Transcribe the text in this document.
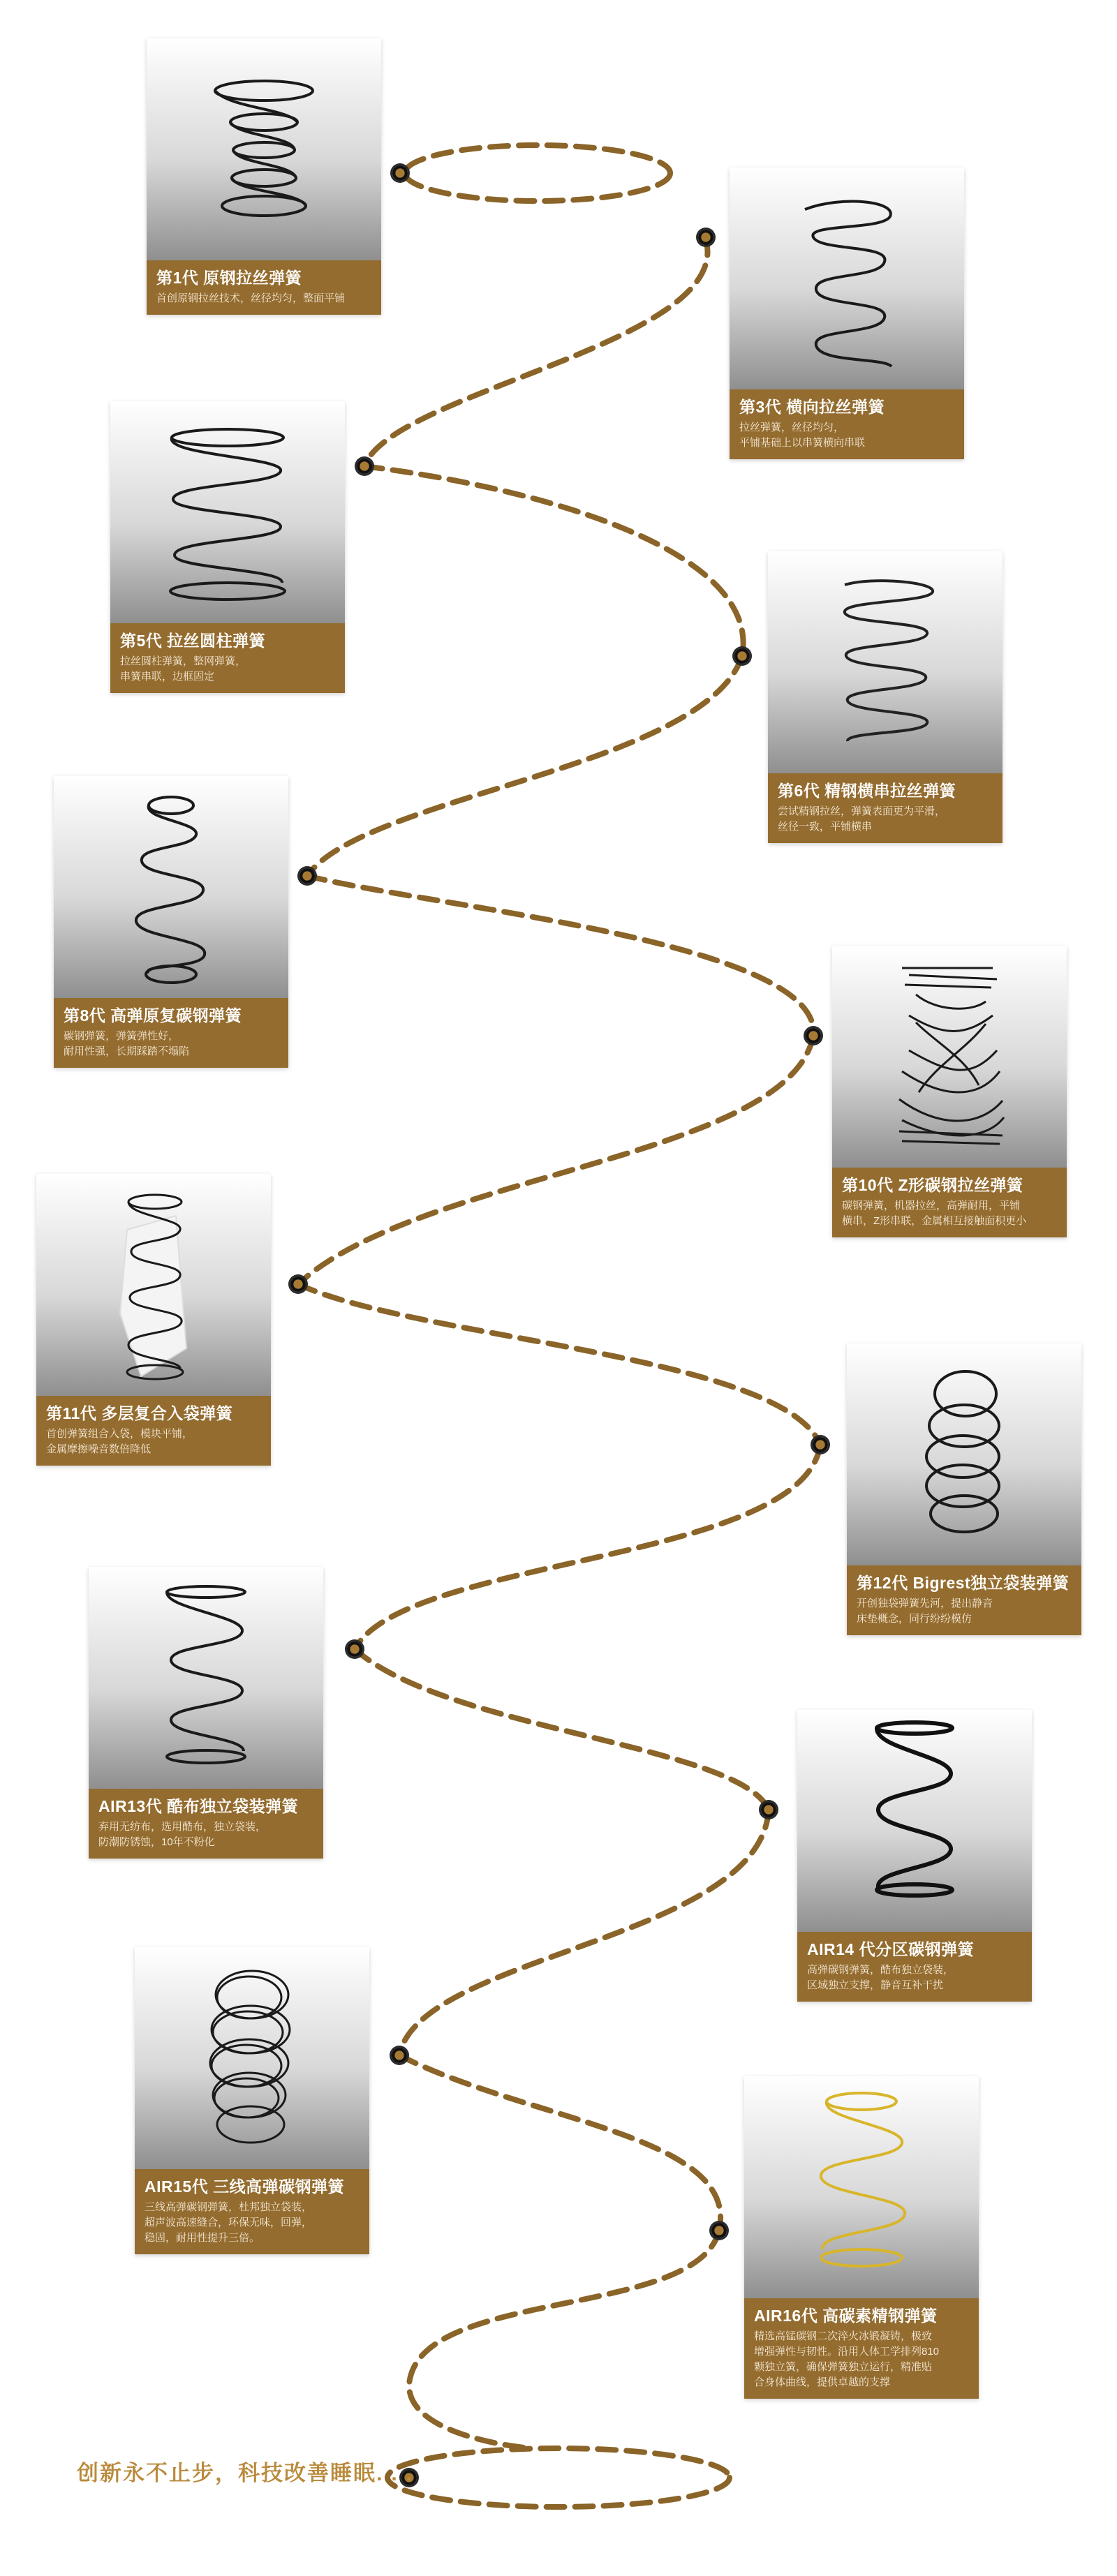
第1代 原钢拉丝弹簧
首创原钢拉丝技术，丝径均匀，整面平铺
第3代 横向拉丝弹簧
拉丝弹簧，丝径均匀，
平铺基础上以串簧横向串联
第5代 拉丝圆柱弹簧
拉丝圆柱弹簧，整网弹簧，
串簧串联，边框固定
第6代 精钢横串拉丝弹簧
尝试精钢拉丝，弹簧表面更为平滑，
丝径一致，平铺横串
第8代 高弹原复碳钢弹簧
碳钢弹簧，弹簧弹性好，
耐用性强，长期踩踏不塌陷
第10代 Z形碳钢拉丝弹簧
碳钢弹簧，机器拉丝，高弹耐用，平铺
横串，Z形串联，金属相互接触面积更小
第11代 多层复合入袋弹簧
首创弹簧组合入袋，模块平铺，
金属摩擦噪音数倍降低
第12代 Bigrest独立袋装弹簧
开创独袋弹簧先河，提出静音
床垫概念，同行纷纷模仿
AIR13代 酷布独立袋装弹簧
弃用无纺布，选用酷布，独立袋装，
防潮防锈蚀，10年不粉化
AIR14 代分区碳钢弹簧
高弹碳钢弹簧，酷布独立袋装，
区域独立支撑，静音互补干扰
AIR15代 三线高弹碳钢弹簧
三线高弹碳钢弹簧，杜邦独立袋装，
超声波高速缝合，环保无味，回弹，
稳固，耐用性提升三倍。
AIR16代 高碳素精钢弹簧
精选高锰碳钢二次淬火冰锻凝铸，极致
增强弹性与韧性。沿用人体工学排列810
颗独立簧，确保弹簧独立运行，精准贴
合身体曲线，提供卓越的支撑
创新永不止步，科技改善睡眠. . .
